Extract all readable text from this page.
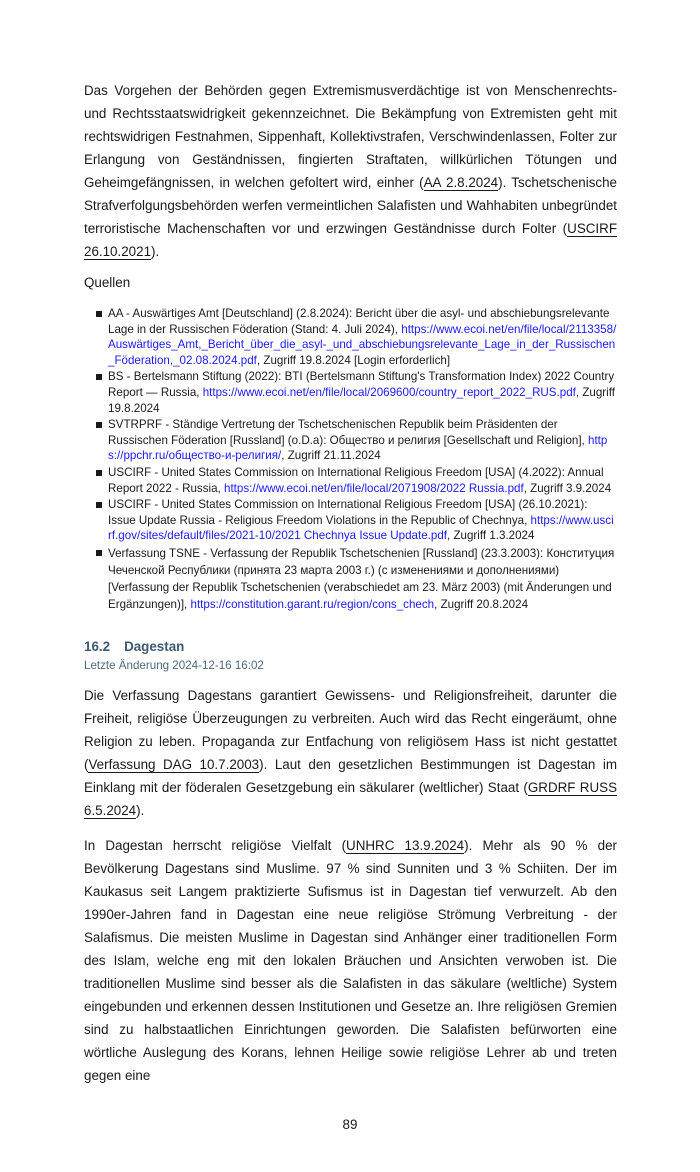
Das Vorgehen der Behörden gegen Extremismusverdächtige ist von Menschenrechts- und Rechtsstaatswidrigkeit gekennzeichnet. Die Bekämpfung von Extremisten geht mit rechtswidrigen Festnahmen, Sippenhaft, Kollektivstrafen, Verschwindenlassen, Folter zur Erlangung von Geständnissen, fingierten Straftaten, willkürlichen Tötungen und Geheimgefängnissen, in welchen gefoltert wird, einher (AA 2.8.2024). Tschetschenische Strafverfolgungsbehörden werfen vermeintlichen Salafisten und Wahhabiten unbegründet terroristische Machenschaften vor und erzwingen Geständnisse durch Folter (USCIRF 26.10.2021).

Quellen
AA - Auswärtiges Amt [Deutschland] (2.8.2024): Bericht über die asyl- und abschiebungsrelevante Lage in der Russischen Föderation (Stand: 4. Juli 2024), https://www.ecoi.net/en/file/local/2113358/Auswärtiges_Amt,_Bericht_über_die_asyl-_und_abschiebungsrelevante_Lage_in_der_Russischen_Föderation,_02.08.2024.pdf, Zugriff 19.8.2024 [Login erforderlich]
BS - Bertelsmann Stiftung (2022): BTI (Bertelsmann Stiftung's Transformation Index) 2022 Country Report — Russia, https://www.ecoi.net/en/file/local/2069600/country_report_2022_RUS.pdf, Zugriff 19.8.2024
SVTRPRF - Ständige Vertretung der Tschetschenischen Republik beim Präsidenten der Russischen Föderation [Russland] (o.D.a): Общество и религия [Gesellschaft und Religion], https://ppchr.ru/общество-и-религия/, Zugriff 21.11.2024
USCIRF - United States Commission on International Religious Freedom [USA] (4.2022): Annual Report 2022 - Russia, https://www.ecoi.net/en/file/local/2071908/2022 Russia.pdf, Zugriff 3.9.2024
USCIRF - United States Commission on International Religious Freedom [USA] (26.10.2021): Issue Update Russia - Religious Freedom Violations in the Republic of Chechnya, https://www.uscirf.gov/sites/default/files/2021-10/2021 Chechnya Issue Update.pdf, Zugriff 1.3.2024
Verfassung TSNE - Verfassung der Republik Tschetschenien [Russland] (23.3.2003): Конституция Чеченской Республики (принята 23 марта 2003 г.) (с изменениями и дополнениями) [Verfassung der Republik Tschetschenien (verabschiedet am 23. März 2003) (mit Änderungen und Ergänzungen)], https://constitution.garant.ru/region/cons_chech, Zugriff 20.8.2024
16.2 Dagestan
Letzte Änderung 2024-12-16 16:02

Die Verfassung Dagestans garantiert Gewissens- und Religionsfreiheit, darunter die Freiheit, religiöse Überzeugungen zu verbreiten. Auch wird das Recht eingeräumt, ohne Religion zu leben. Propaganda zur Entfachung von religiösem Hass ist nicht gestattet (Verfassung DAG 10.7.2003). Laut den gesetzlichen Bestimmungen ist Dagestan im Einklang mit der föderalen Gesetzgebung ein säkularer (weltlicher) Staat (GRDRF RUSS 6.5.2024).

In Dagestan herrscht religiöse Vielfalt (UNHRC 13.9.2024). Mehr als 90 % der Bevölkerung Dagestans sind Muslime. 97 % sind Sunniten und 3 % Schiiten. Der im Kaukasus seit Langem praktizierte Sufismus ist in Dagestan tief verwurzelt. Ab den 1990er-Jahren fand in Dagestan eine neue religiöse Strömung Verbreitung - der Salafismus. Die meisten Muslime in Dagestan sind Anhänger einer traditionellen Form des Islam, welche eng mit den lokalen Bräuchen und Ansichten verwoben ist. Die traditionellen Muslime sind besser als die Salafisten in das säkulare (weltliche) System eingebunden und erkennen dessen Institutionen und Gesetze an. Ihre religiösen Gremien sind zu halbstaatlichen Einrichtungen geworden. Die Salafisten befürworten eine wörtliche Auslegung des Korans, lehnen Heilige sowie religiöse Lehrer ab und treten gegen eine

89
